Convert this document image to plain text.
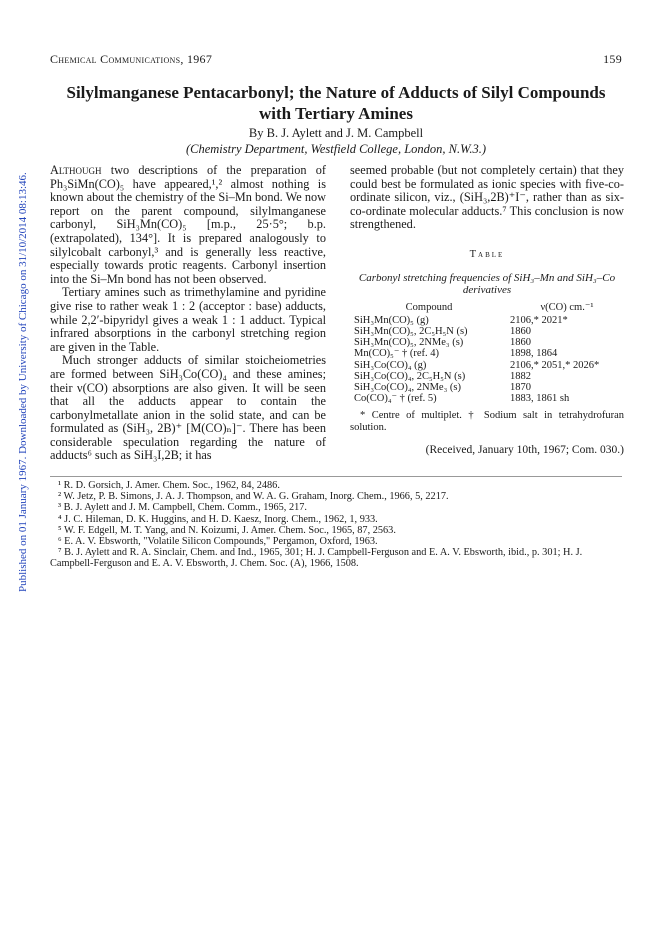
Published on 01 January 1967. Downloaded by University of Chicago on 31/10/2014 08:13:46.
Chemical Communications, 1967	159
Silylmanganese Pentacarbonyl; the Nature of Adducts of Silyl Compounds with Tertiary Amines
By B. J. Aylett and J. M. Campbell
(Chemistry Department, Westfield College, London, N.W.3.)

Although two descriptions of the preparation of Ph₃SiMn(CO)₅ have appeared,¹,² almost nothing is known about the chemistry of the Si–Mn bond. We now report on the parent compound, silylmanganese carbonyl, SiH₃Mn(CO)₅ [m.p., 25·5°; b.p. (extrapolated), 134°]. It is prepared analogously to silylcobalt carbonyl,³ and is generally less reactive, especially towards protic reagents. Carbonyl insertion into the Si–Mn bond has not been observed.

Tertiary amines such as trimethylamine and pyridine give rise to rather weak 1 : 2 (acceptor : base) adducts, while 2,2′-bipyridyl gives a weak 1 : 1 adduct. Typical infrared absorptions in the carbonyl stretching region are given in the Table.

Much stronger adducts of similar stoicheiometries are formed between SiH₃Co(CO)₄ and these amines; their ν(CO) absorptions are also given. It will be seen that all the adducts appear to contain the carbonylmetallate anion in the solid state, and can be formulated as (SiH₃, 2B)⁺ [M(CO)ₙ]⁻. There has been considerable speculation regarding the nature of adducts⁶ such as SiH₃I,2B; it has

seemed probable (but not completely certain) that they could best be formulated as ionic species with five-co-ordinate silicon, viz., (SiH₃,2B)⁺I⁻, rather than as six-co-ordinate molecular adducts.⁷ This conclusion is now strengthened.

Table
Carbonyl stretching frequencies of SiH₃–Mn and SiH₃–Co derivatives
Compound	ν(CO) cm.⁻¹
SiH₃Mn(CO)₅ (g)	2106,* 2021*
SiH₃Mn(CO)₅, 2C₅H₅N (s)	1860
SiH₃Mn(CO)₅, 2NMe₃ (s)	1860
Mn(CO)₅⁻ † (ref. 4)	1898, 1864
SiH₃Co(CO)₄ (g)	2106,* 2051,* 2026*
SiH₃Co(CO)₄, 2C₅H₅N (s)	1882
SiH₃Co(CO)₄, 2NMe₃ (s)	1870
Co(CO)₄⁻ † (ref. 5)	1883, 1861 sh
* Centre of multiplet. † Sodium salt in tetrahydrofuran solution.
(Received, January 10th, 1967; Com. 030.)
¹ R. D. Gorsich, J. Amer. Chem. Soc., 1962, 84, 2486.
² W. Jetz, P. B. Simons, J. A. J. Thompson, and W. A. G. Graham, Inorg. Chem., 1966, 5, 2217.
³ B. J. Aylett and J. M. Campbell, Chem. Comm., 1965, 217.
⁴ J. C. Hileman, D. K. Huggins, and H. D. Kaesz, Inorg. Chem., 1962, 1, 933.
⁵ W. F. Edgell, M. T. Yang, and N. Koizumi, J. Amer. Chem. Soc., 1965, 87, 2563.
⁶ E. A. V. Ebsworth, "Volatile Silicon Compounds," Pergamon, Oxford, 1963.
⁷ B. J. Aylett and R. A. Sinclair, Chem. and Ind., 1965, 301; H. J. Campbell-Ferguson and E. A. V. Ebsworth, ibid., p. 301; H. J. Campbell-Ferguson and E. A. V. Ebsworth, J. Chem. Soc. (A), 1966, 1508.
